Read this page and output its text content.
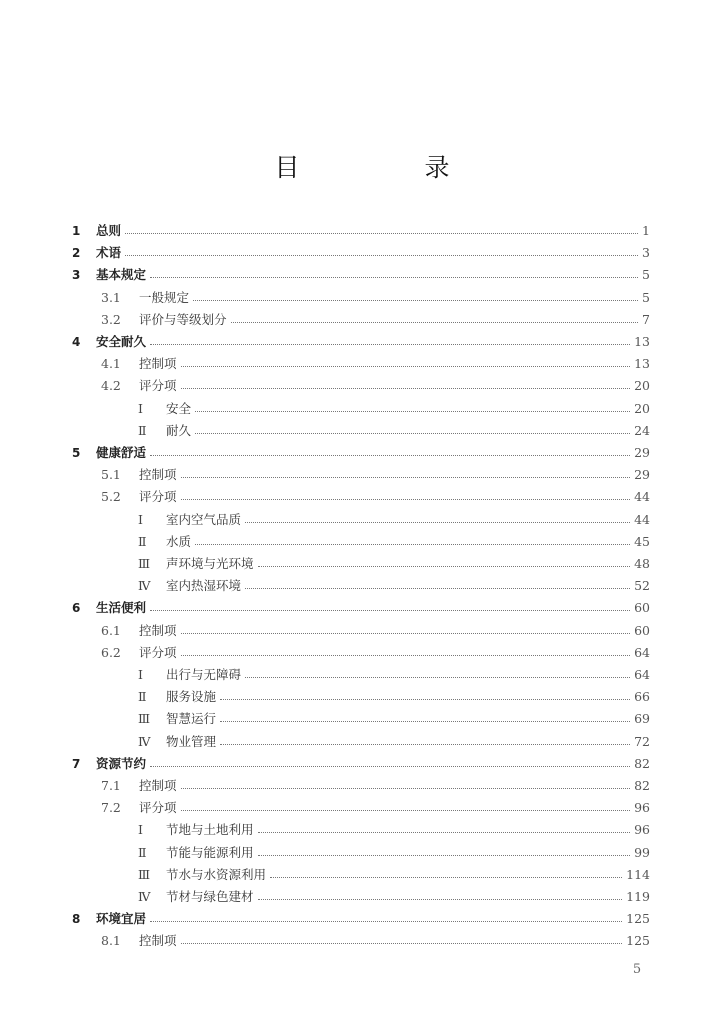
目　录
1	总则	1
2	术语	3
3	基本规定	5
3.1	一般规定	5
3.2	评价与等级划分	7
4	安全耐久	13
4.1	控制项	13
4.2	评分项	20
Ⅰ	安全	20
Ⅱ	耐久	24
5	健康舒适	29
5.1	控制项	29
5.2	评分项	44
Ⅰ	室内空气品质	44
Ⅱ	水质	45
Ⅲ	声环境与光环境	48
Ⅳ	室内热湿环境	52
6	生活便利	60
6.1	控制项	60
6.2	评分项	64
Ⅰ	出行与无障碍	64
Ⅱ	服务设施	66
Ⅲ	智慧运行	69
Ⅳ	物业管理	72
7	资源节约	82
7.1	控制项	82
7.2	评分项	96
Ⅰ	节地与土地利用	96
Ⅱ	节能与能源利用	99
Ⅲ	节水与水资源利用	114
Ⅳ	节材与绿色建材	119
8	环境宜居	125
8.1	控制项	125
5
